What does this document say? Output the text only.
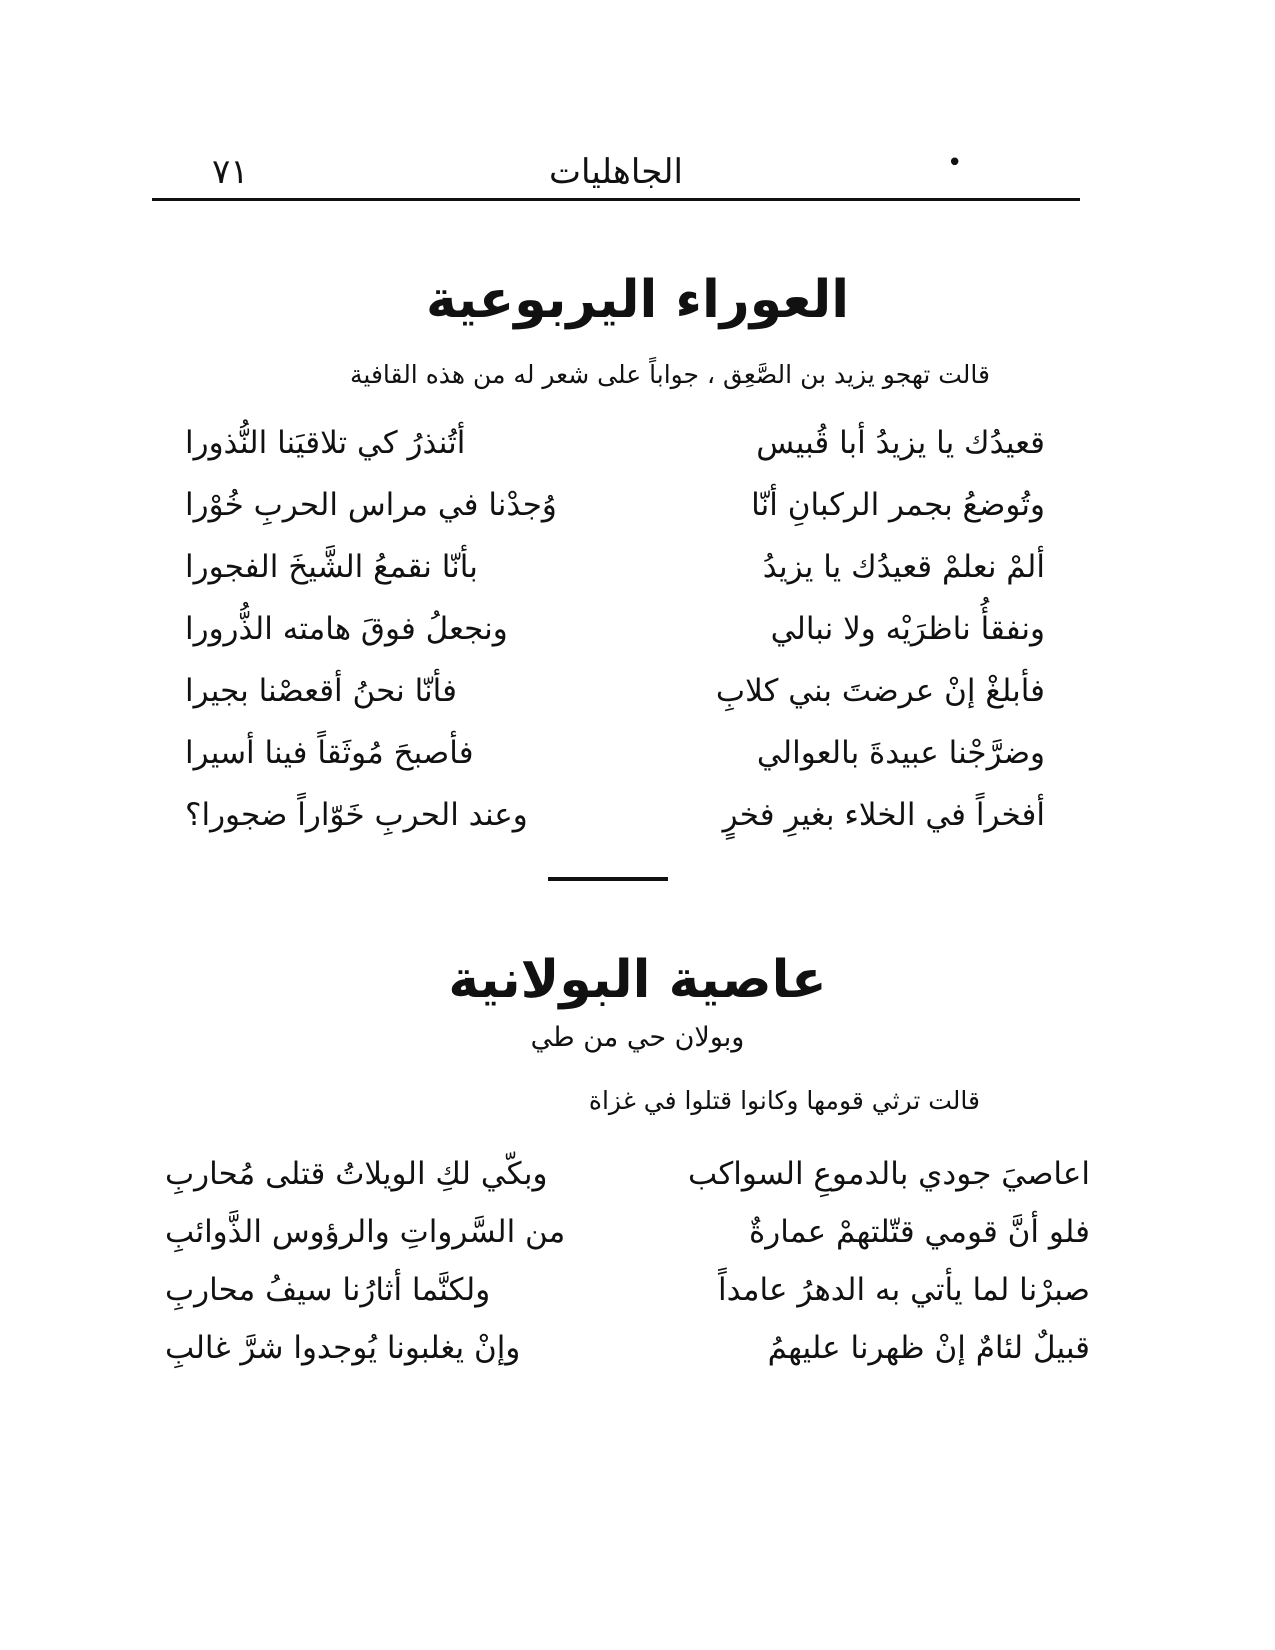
٧١	الجاهليات	•
العوراء اليربوعية
قالت تهجو يزيد بن الصَّعِق ، جواباً على شعر له من هذه القافية
قعيدُك يا يزيدُ أبا قُبيس
أتُنذرُ كي تلاقيَنا النُّذورا
وتُوضعُ بجمر الركبانِ أنّا
وُجدْنا في مراس الحربِ خُوْرا
ألمْ نعلمْ قعيدُك يا يزيدُ
بأنّا نقمعُ الشَّيخَ الفجورا
ونفقأُ ناظرَيْه ولا نبالي
ونجعلُ فوقَ هامته الذُّرورا
فأبلغْ إنْ عرضتَ بني كلابِ
فأنّا نحنُ أقعصْنا بجيرا
وضرَّجْنا عبيدةَ بالعوالي
فأصبحَ مُوثَقاً فينا أسيرا
أفخراً في الخلاء بغيرِ فخرٍ
وعند الحربِ خَوّاراً ضجورا؟
عاصية البولانية
وبولان حي من طي
قالت ترثي قومها وكانوا قتلوا في غزاة
اعاصيَ جودي بالدموعِ السواكب
وبكّي لكِ الويلاتُ قتلى مُحاربِ
فلو أنَّ قومي قتّلتهمْ عمارةٌ
من السَّرواتِ والرؤوس الذَّوائبِ
صبرْنا لما يأتي به الدهرُ عامداً
ولكنَّما أثارُنا سيفُ محاربِ
قبيلٌ لئامٌ إنْ ظهرنا عليهمُ
وإنْ يغلبونا يُوجدوا شرَّ غالبِ
